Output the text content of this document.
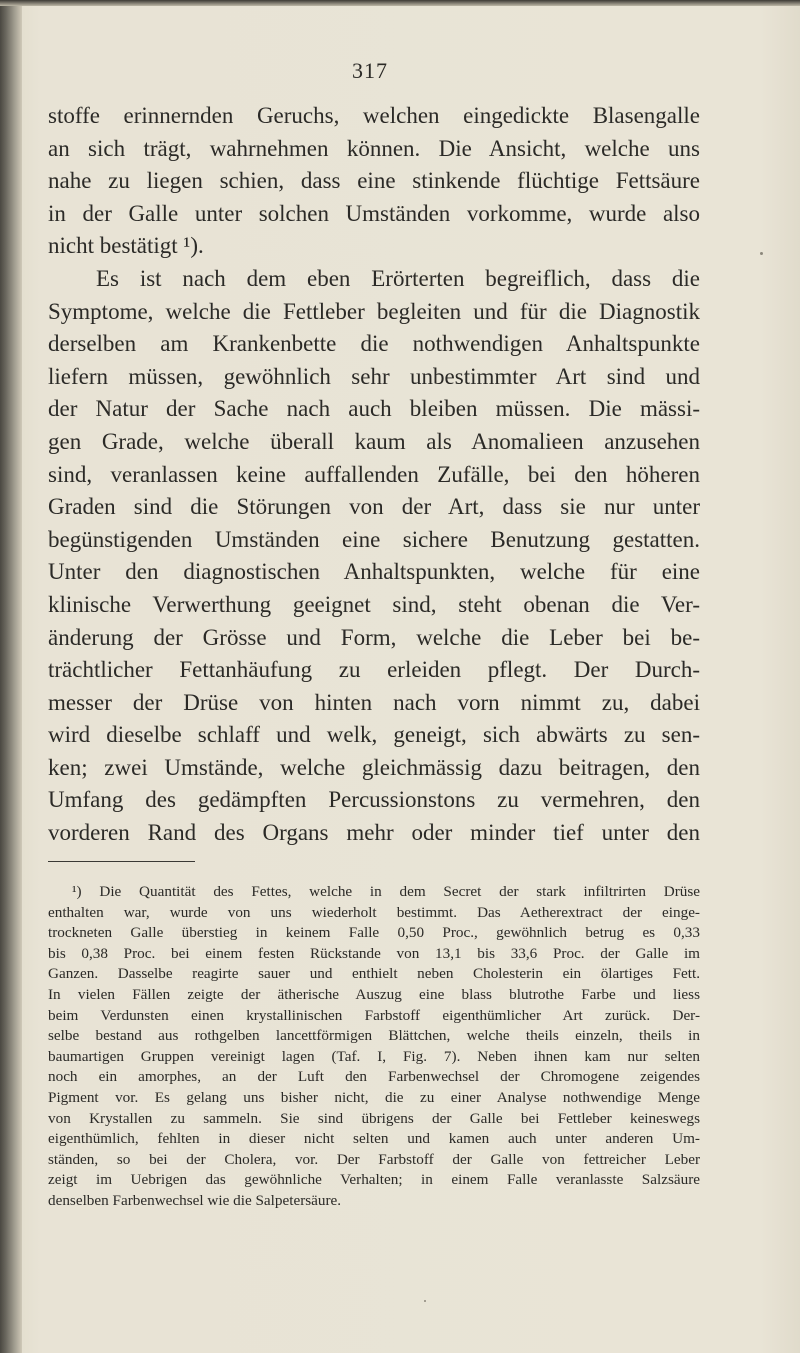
317
stoffe erinnernden Geruchs, welchen eingedickte Blasengalle
an sich trägt, wahrnehmen können. Die Ansicht, welche uns
nahe zu liegen schien, dass eine stinkende flüchtige Fettsäure
in der Galle unter solchen Umständen vorkomme, wurde also
nicht bestätigt ¹).
Es ist nach dem eben Erörterten begreiflich, dass die
Symptome, welche die Fettleber begleiten und für die Diagnostik
derselben am Krankenbette die nothwendigen Anhaltspunkte
liefern müssen, gewöhnlich sehr unbestimmter Art sind und
der Natur der Sache nach auch bleiben müssen. Die mässi-
gen Grade, welche überall kaum als Anomalieen anzusehen
sind, veranlassen keine auffallenden Zufälle, bei den höheren
Graden sind die Störungen von der Art, dass sie nur unter
begünstigenden Umständen eine sichere Benutzung gestatten.
Unter den diagnostischen Anhaltspunkten, welche für eine
klinische Verwerthung geeignet sind, steht obenan die Ver-
änderung der Grösse und Form, welche die Leber bei be-
trächtlicher Fettanhäufung zu erleiden pflegt. Der Durch-
messer der Drüse von hinten nach vorn nimmt zu, dabei
wird dieselbe schlaff und welk, geneigt, sich abwärts zu sen-
ken; zwei Umstände, welche gleichmässig dazu beitragen, den
Umfang des gedämpften Percussionstons zu vermehren, den
vorderen Rand des Organs mehr oder minder tief unter den
¹) Die Quantität des Fettes, welche in dem Secret der stark infiltrirten Drüse
enthalten war, wurde von uns wiederholt bestimmt. Das Aetherextract der einge-
trockneten Galle überstieg in keinem Falle 0,50 Proc., gewöhnlich betrug es 0,33
bis 0,38 Proc. bei einem festen Rückstande von 13,1 bis 33,6 Proc. der Galle im
Ganzen. Dasselbe reagirte sauer und enthielt neben Cholesterin ein ölartiges Fett.
In vielen Fällen zeigte der ätherische Auszug eine blass blutrothe Farbe und liess
beim Verdunsten einen krystallinischen Farbstoff eigenthümlicher Art zurück. Der-
selbe bestand aus rothgelben lancettförmigen Blättchen, welche theils einzeln, theils in
baumartigen Gruppen vereinigt lagen (Taf. I, Fig. 7). Neben ihnen kam nur selten
noch ein amorphes, an der Luft den Farbenwechsel der Chromogene zeigendes
Pigment vor. Es gelang uns bisher nicht, die zu einer Analyse nothwendige Menge
von Krystallen zu sammeln. Sie sind übrigens der Galle bei Fettleber keineswegs
eigenthümlich, fehlten in dieser nicht selten und kamen auch unter anderen Um-
ständen, so bei der Cholera, vor. Der Farbstoff der Galle von fettreicher Leber
zeigt im Uebrigen das gewöhnliche Verhalten; in einem Falle veranlasste Salzsäure
denselben Farbenwechsel wie die Salpetersäure.
